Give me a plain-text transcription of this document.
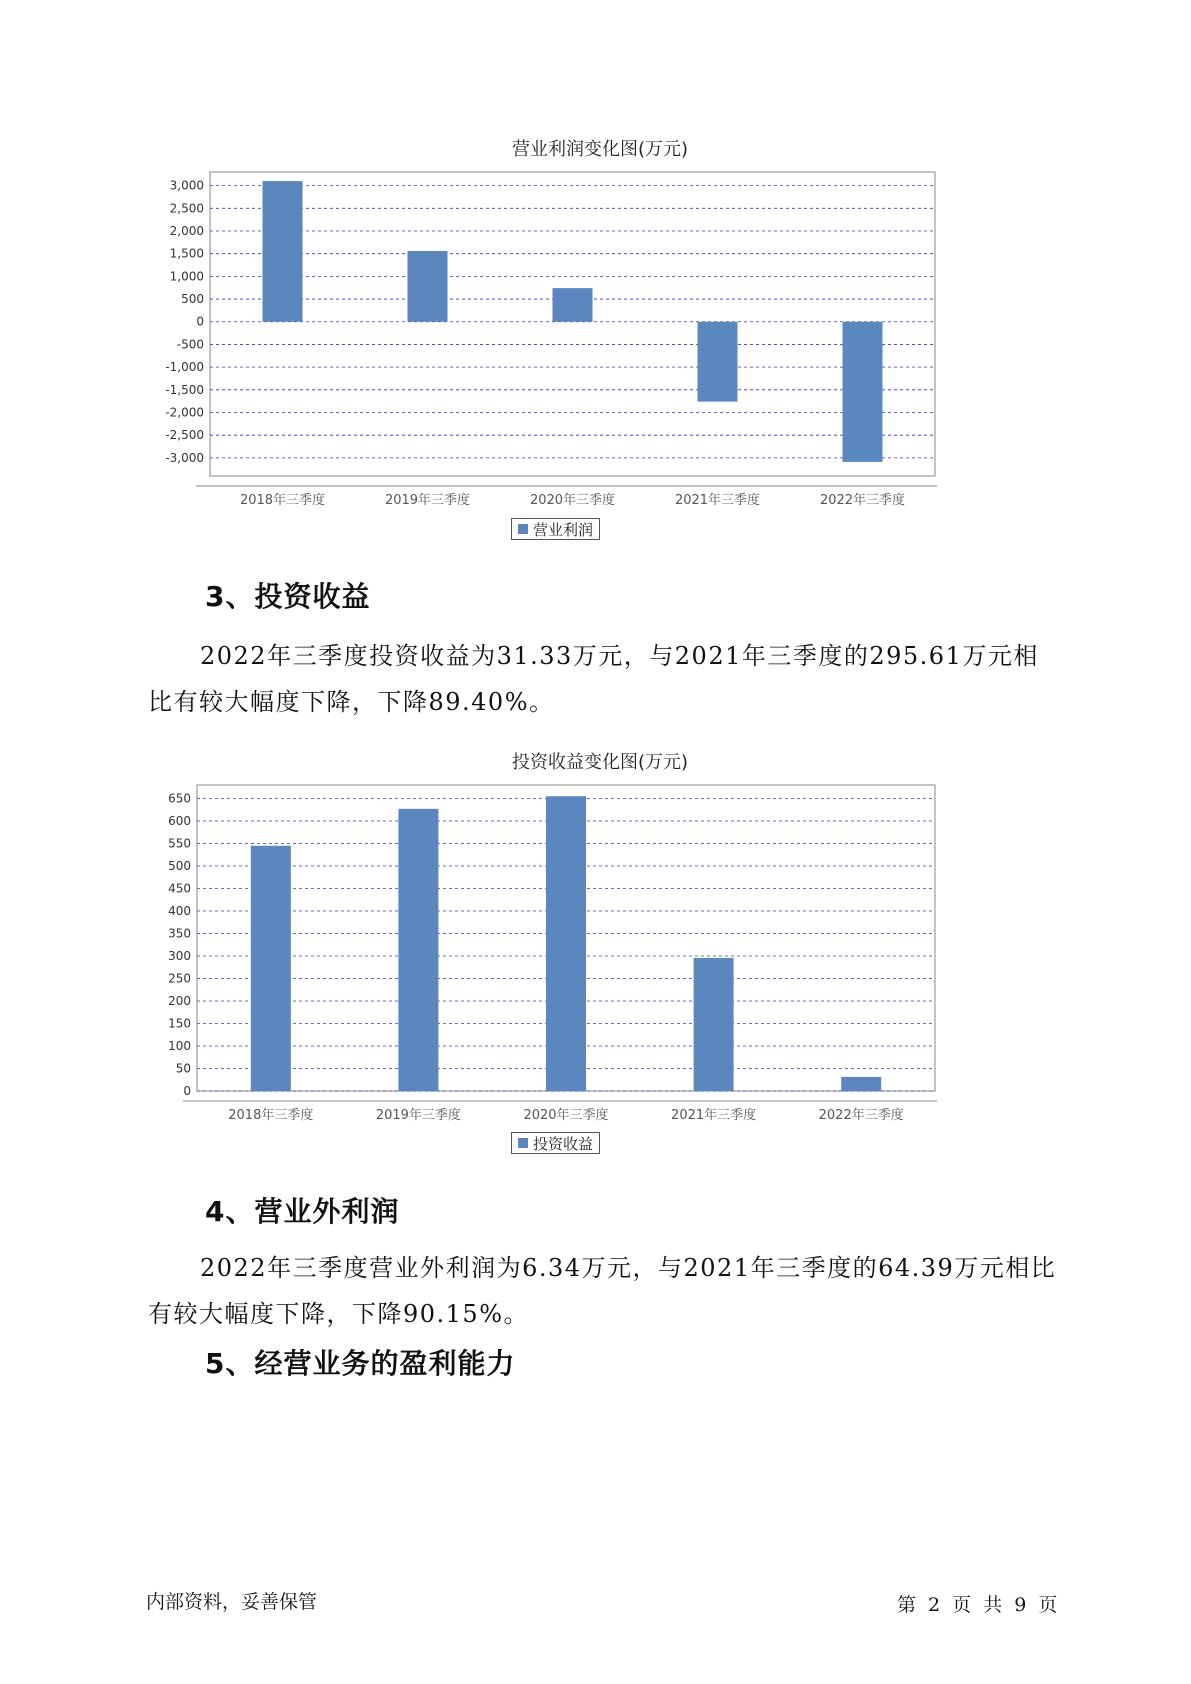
营业利润变化图(万元)
3,000
2,500
2,000
1,500
1,000
500
0
-500
-1,000
-1,500
-2,000
-2,500
-3,000
2018年三季度	2019年三季度	2020年三季度	2021年三季度	2022年三季度
营业利润
3、投资收益

2022年三季度投资收益为31.33万元，与2021年三季度的295.61万元相比有较大幅度下降，下降89.40%。

投资收益变化图(万元)
650
600
550
500
450
400
350
300
250
200
150
100
50
0
2018年三季度	2019年三季度	2020年三季度	2021年三季度	2022年三季度
投资收益
4、营业外利润

2022年三季度营业外利润为6.34万元，与2021年三季度的64.39万元相比有较大幅度下降，下降90.15%。

5、经营业务的盈利能力
内部资料，妥善保管	第 2 页 共 9 页
